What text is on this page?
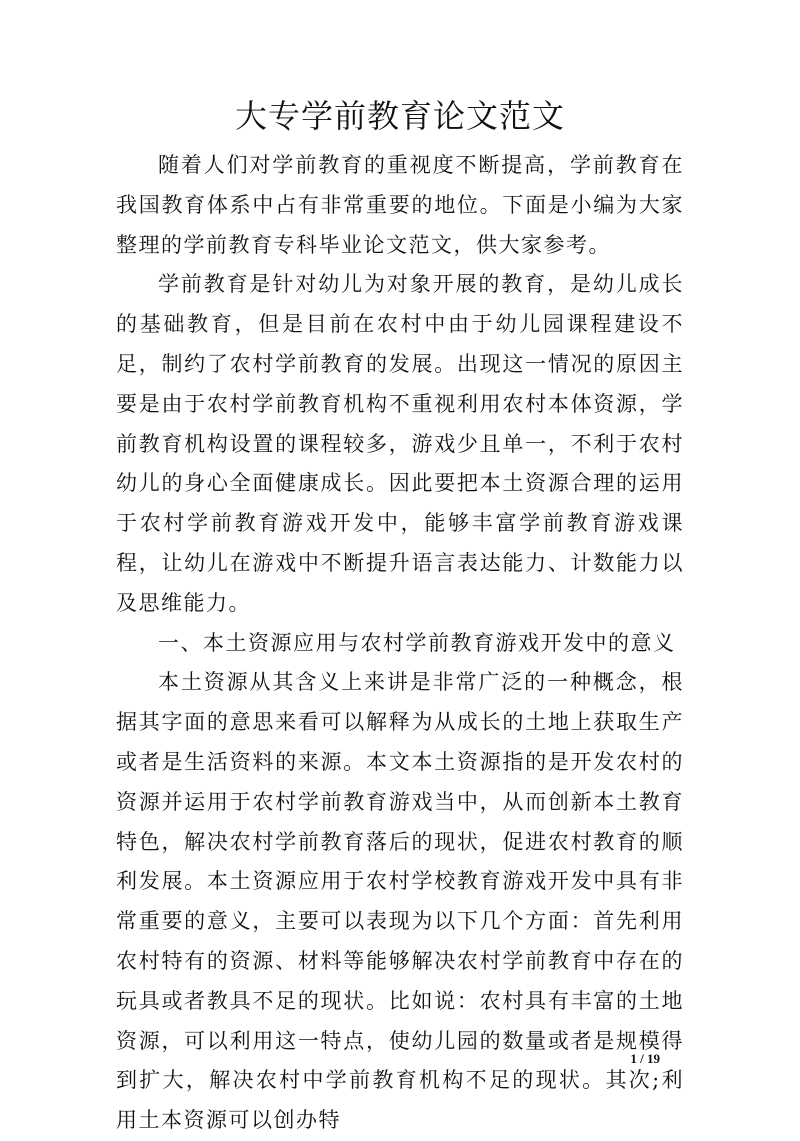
大专学前教育论文范文

随着人们对学前教育的重视度不断提高，学前教育在我国教育体系中占有非常重要的地位。下面是小编为大家整理的学前教育专科毕业论文范文，供大家参考。

学前教育是针对幼儿为对象开展的教育，是幼儿成长的基础教育，但是目前在农村中由于幼儿园课程建设不足，制约了农村学前教育的发展。出现这一情况的原因主要是由于农村学前教育机构不重视利用农村本体资源，学前教育机构设置的课程较多，游戏少且单一，不利于农村幼儿的身心全面健康成长。因此要把本土资源合理的运用于农村学前教育游戏开发中，能够丰富学前教育游戏课程，让幼儿在游戏中不断提升语言表达能力、计数能力以及思维能力。

一、本土资源应用与农村学前教育游戏开发中的意义

本土资源从其含义上来讲是非常广泛的一种概念，根据其字面的意思来看可以解释为从成长的土地上获取生产或者是生活资料的来源。本文本土资源指的是开发农村的资源并运用于农村学前教育游戏当中，从而创新本土教育特色，解决农村学前教育落后的现状，促进农村教育的顺利发展。本土资源应用于农村学校教育游戏开发中具有非常重要的意义，主要可以表现为以下几个方面：首先利用农村特有的资源、材料等能够解决农村学前教育中存在的玩具或者教具不足的现状。比如说：农村具有丰富的土地资源，可以利用这一特点，使幼儿园的数量或者是规模得到扩大，解决农村中学前教育机构不足的现状。其次;利用土本资源可以创办特

1 / 19
